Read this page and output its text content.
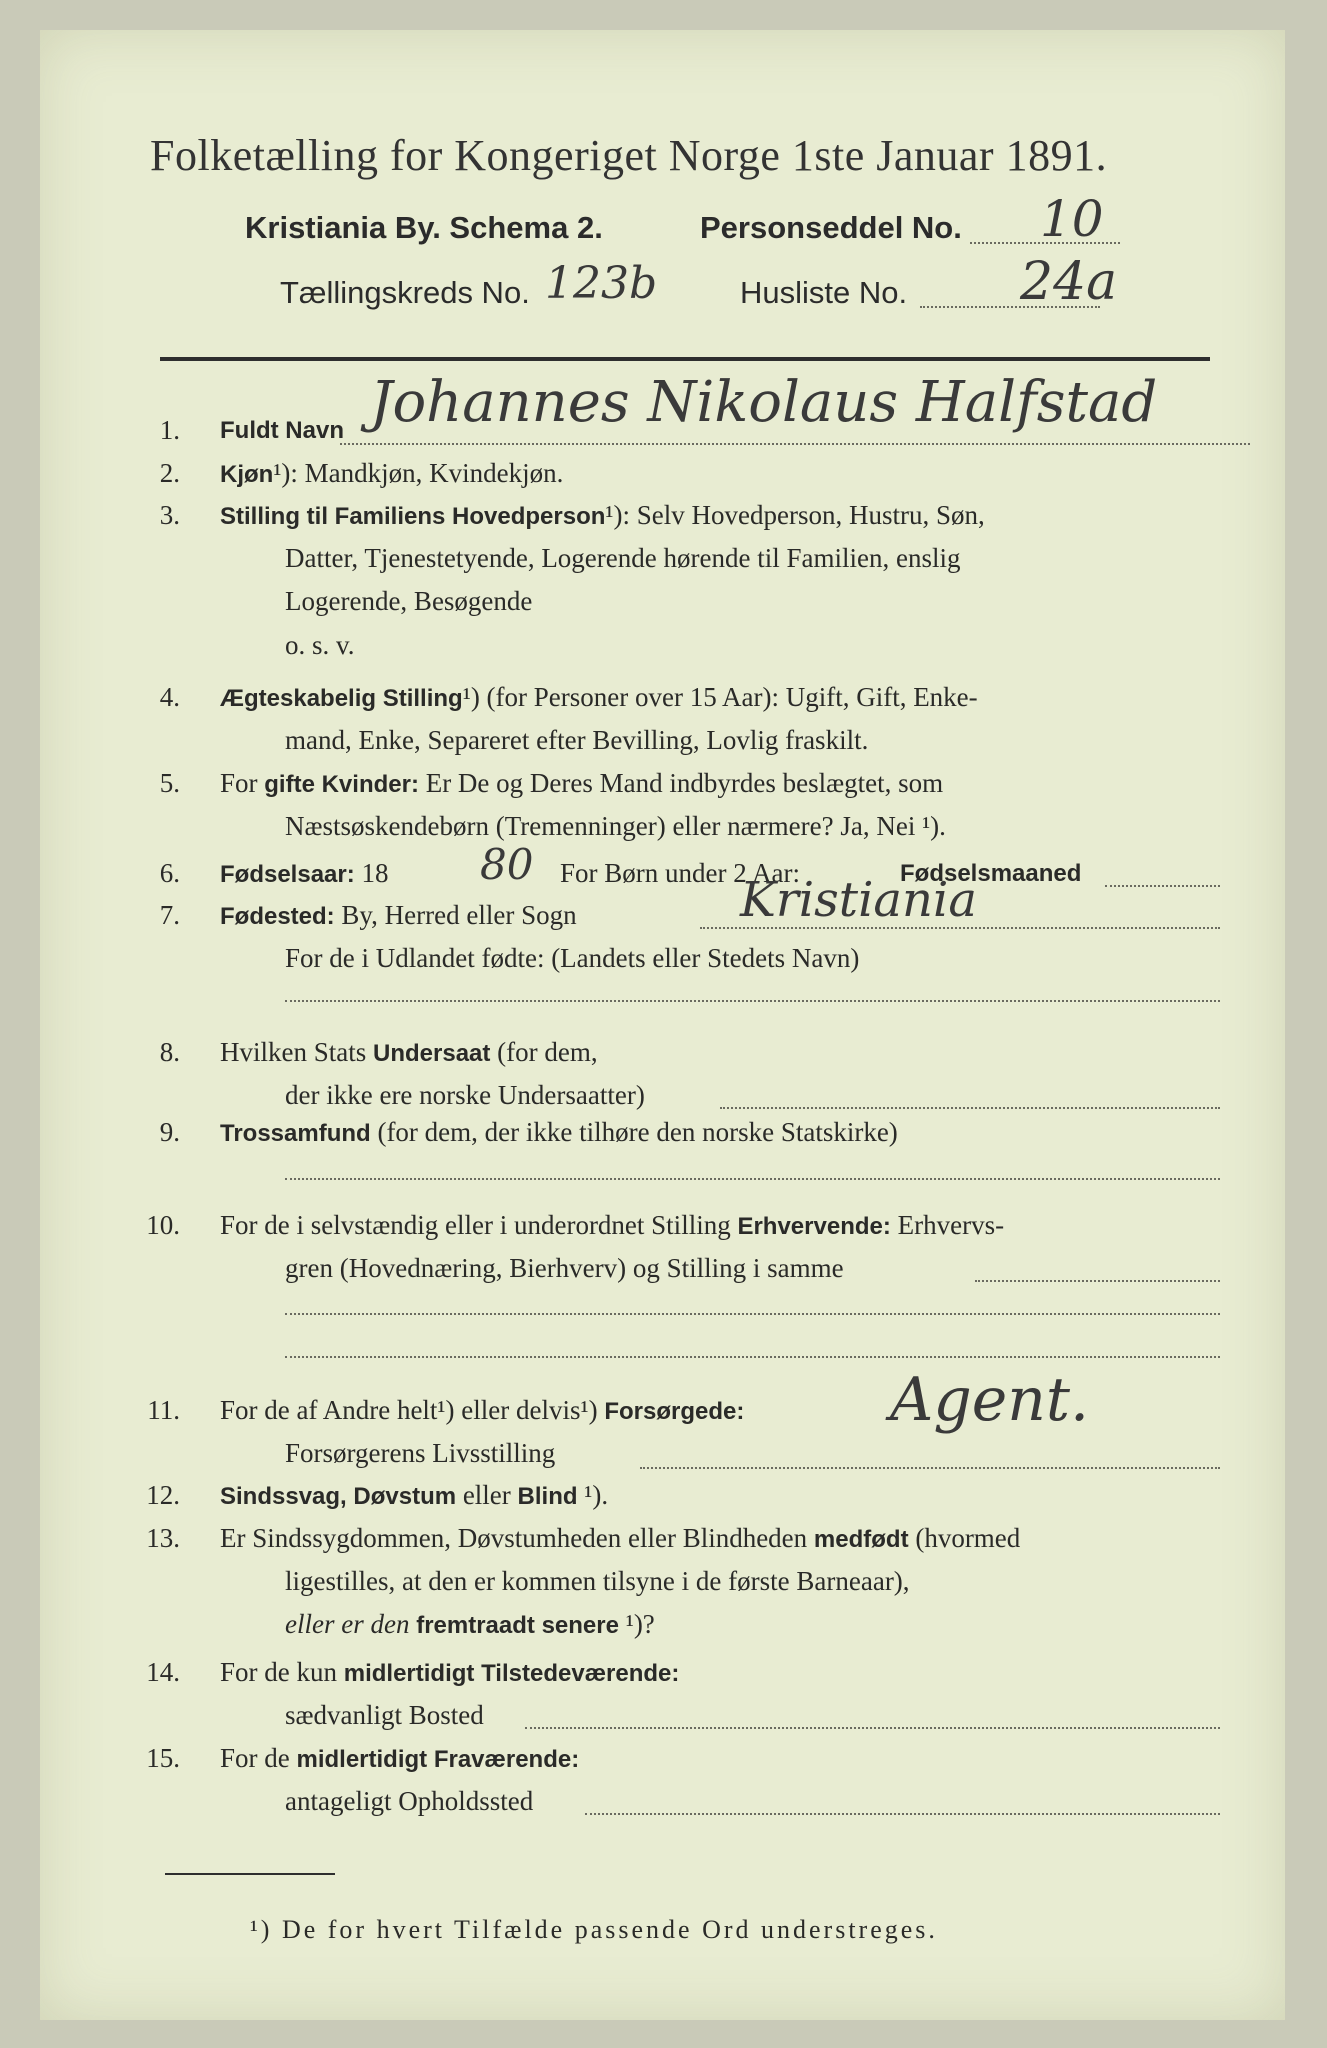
Folketælling for Kongeriget Norge 1ste Januar 1891.
Kristiania By. Schema 2.	Personseddel No. 10
Tællingskreds No. 123b	Husliste No. 24a
1. Fuldt Navn Johannes Nikolaus Halfstad
2. Kjøn¹): Mandkjøn, Kvindekjøn.
3. Stilling til Familiens Hovedperson¹): Selv Hovedperson, Hustru, Søn,
Datter, Tjenestetyende, Logerende hørende til Familien, enslig
Logerende, Besøgende
o. s. v.
4. Ægteskabelig Stilling¹) (for Personer over 15 Aar): Ugift, Gift, Enke-
mand, Enke, Separeret efter Bevilling, Lovlig fraskilt.
5. For gifte Kvinder: Er De og Deres Mand indbyrdes beslægtet, som
Næstsøskendebørn (Tremenninger) eller nærmere? Ja, Nei ¹).
6. Fødselsaar: 18 80 For Børn under 2 Aar:	Fødselsmaaned
7. Fødested: By, Herred eller Sogn	Kristiania
For de i Udlandet fødte: (Landets eller Stedets Navn)
8. Hvilken Stats Undersaat (for dem,
der ikke ere norske Undersaatter)
9. Trossamfund (for dem, der ikke tilhøre den norske Statskirke)
10. For de i selvstændig eller i underordnet Stilling Erhvervende: Erhvervs-
gren (Hovednæring, Bierhverv) og Stilling i samme
11. For de af Andre helt¹) eller delvis¹) Forsørgede:
Forsørgerens Livsstilling
Agent.
12. Sindssvag, Døvstum eller Blind ¹).
13. Er Sindssygdommen, Døvstumheden eller Blindheden medfødt (hvormed
ligestilles, at den er kommen tilsyne i de første Barneaar),
eller er den fremtraadt senere ¹)?
14. For de kun midlertidigt Tilstedeværende:
sædvanligt Bosted
15. For de midlertidigt Fraværende:
antageligt Opholdssted
¹) De for hvert Tilfælde passende Ord understreges.
